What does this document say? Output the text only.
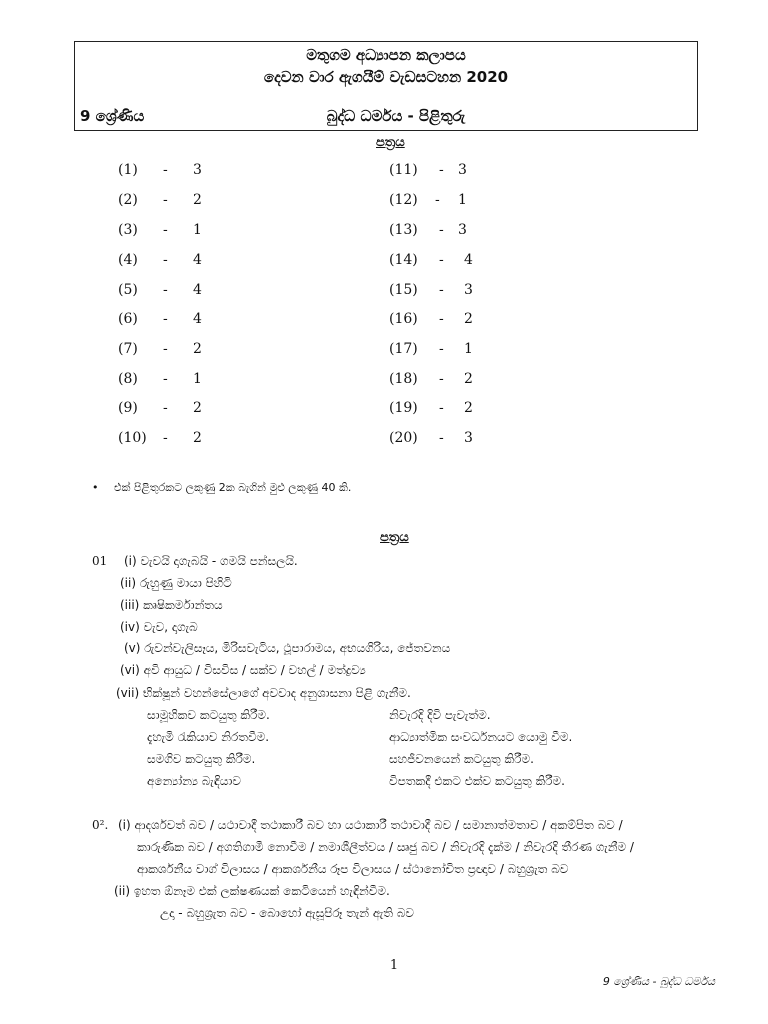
මතුගම අධ්‍යාපන කලාපය
දෙවන වාර ඇගයීම් වැඩසටහන 2020
9 ශ්‍රේණිය	බුද්ධ ධර්මය - පිළිතුරු
පත්‍රය
(1) - 3
(2) - 2
(3) - 1
(4) - 4
(5) - 4
(6) - 4
(7) - 2
(8) - 1
(9) - 2
(10) - 2
(11) - 3
(12) - 1
(13) - 3
(14) - 4
(15) - 3
(16) - 2
(17) - 1
(18) - 2
(19) - 2
(20) - 3
• එක් පිළිතුරකට ලකුණු 2ක බැගින් මුළු ලකුණු 40 කි.
පත්‍රය
01 (i) වැවයි දාගැබයි - ගමයි පන්සලයි.
(ii) රුහුණු මායා පිහිටි
(iii) කෘෂිකර්මාන්තය
(iv) වැව, දාගැබ
(v) රුවන්වැලිසෑය, මිරිසවැටිය, ථූපාරාමය, අභයගිරිය, ජේතවනය
(vi) අවි ආයුධ / විසවිස / සක්ව / වහල් / මත්ද්‍රව්‍ය
(vii) භික්ෂූන් වහන්සේලාගේ අවවාද අනුශාසනා පිළි ගැනීම.
සාමූහිකව කටයුතු කිරීම.	නිවැරදි දිවි පැවැත්ම.
දැහැමි රැකියාව නිරතවීම.	ආධ්‍යාත්මික සංවර්ධනයට යොමු වීම.
සමගිව කටයුතු කිරීම.	සහජීවනයෙන් කටයුතු කිරීම.
අන්‍යෝන්‍ය බැඳියාව	විපතකදී එකට එක්ව කටයුතු කිරීම.
0². (i) ආදර්ශවත් බව / යථාවාදී තථාකාරී බව හා යථාකාරී තථාවාදී බව / සමානාත්මතාව / අකම්පිත බව /
කාරුණික බව / අගතිගාමී නොවීම / නමාශීලීත්වය / ඍජු බව / නිවැරදි දැක්ම / නිවැරදි තීරණ ගැනීම /
ආකර්ශනීය වාග් විලාසය / ආකර්ශනීය රූප විලාසය / ස්ථානෝචිත ප්‍රඥාව / බහුශ්‍රැත බව
(ii) ඉහත ඕනෑම එක් ලක්ෂණයක් කෙටියෙන් හැඳින්වීම.
උදා - බහුශ්‍රැත බව - බොහෝ ඇසූපිරූ තැන් ඇති බව
1
9 ශ්‍රේණිය - බුද්ධ ධර්මය
